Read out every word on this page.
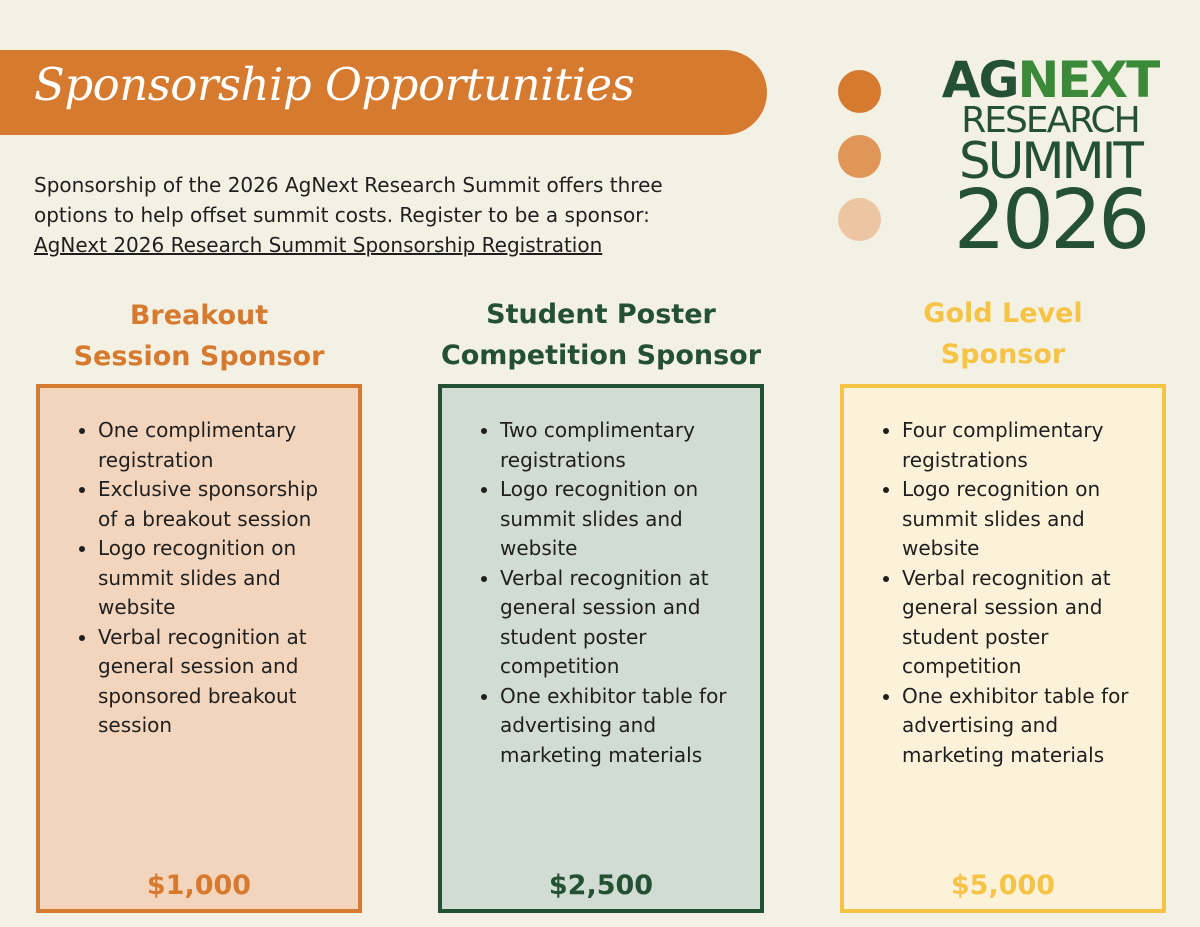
Sponsorship Opportunities

Sponsorship of the 2026 AgNext Research Summit offers three

options to help offset summit costs. Register to be a sponsor:

AgNext 2026 Research Summit Sponsorship Registration

AGNEXT
RESEARCH
SUMMIT
2026
Breakout
Session Sponsor
• One complimentary registration
• Exclusive sponsorship of a breakout session
• Logo recognition on summit slides and website
• Verbal recognition at general session and sponsored breakout session
$1,000
Student Poster
Competition Sponsor
• Two complimentary registrations
• Logo recognition on summit slides and website
• Verbal recognition at general session and student poster competition
• One exhibitor table for advertising and marketing materials
$2,500
Gold Level
Sponsor
• Four complimentary registrations
• Logo recognition on summit slides and website
• Verbal recognition at general session and student poster competition
• One exhibitor table for advertising and marketing materials
$5,000
